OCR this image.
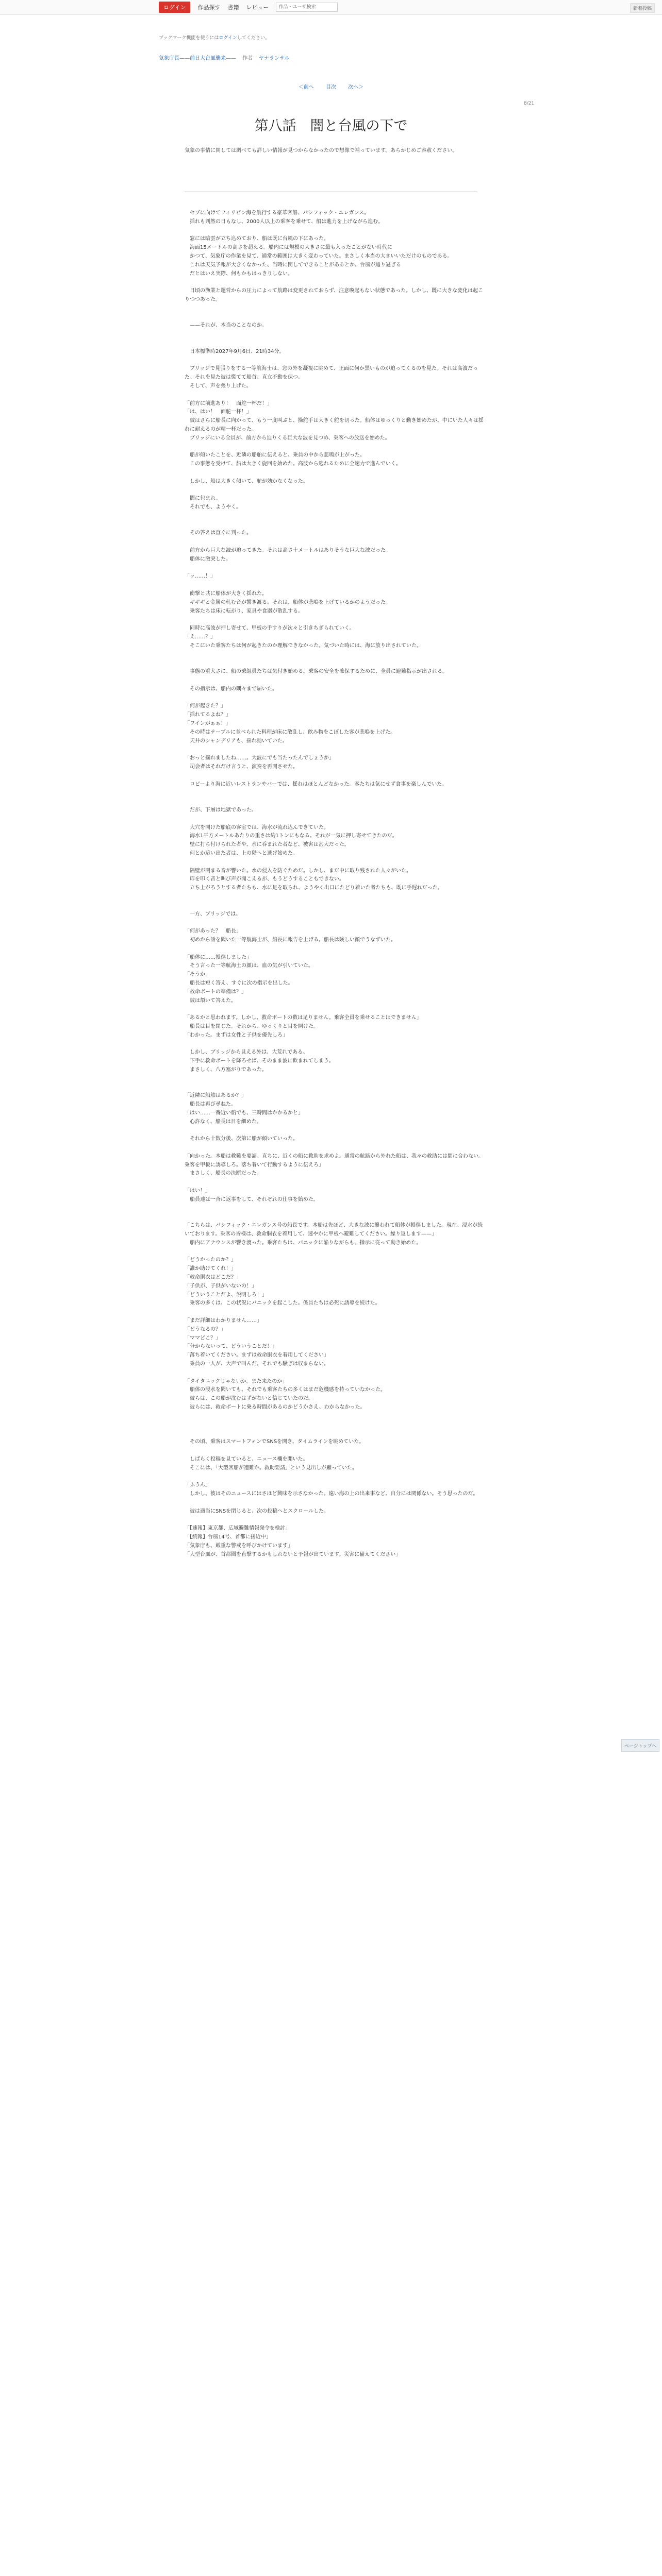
ログイン	作品探す 書籍 レビュー
作品・ユーザ検索	新着投稿
ブックマーク機能を使うにはログインしてください。
気象庁長——前日大台風襲来—— 作者 ヤナランサル
＜前へ 目次 次へ＞
8/21
第八話　闇と台風の下で
気象の事情に関しては調べても詳しい情報が見つからなかったので想像で補っています。あらかじめご容赦ください。

　セブに向けてフィリピン海を航行する豪華客船、パシフィック・エレガンス。

　揺れも判然の日もなし、2000人以上の乗客を乗せて、船は進力を上げながら進む。

　窓には暗雲が立ち込めており、船は既に台風の下にあった。

　海面15メートルの高さを超える。船内には規模の大きさに最も入ったことがない時代に

　かつて、気象庁の作業を見て、通常の範囲は大きく変わっていた。まさしく本当の大きいいただけのものである。

　これは天気予報が大きくなかった、当時に関してできることがあるとか。台風が通り過ぎる

　だとはいえ実際、何もかもはっきりしない。

　日頃の漁業と運営からの圧力によって航路は変更されておらず、注意喚起もない状態であった。しかし、既に大きな変化は起こりつつあった。

　——それが、本当のことなのか。

　日本標準時2027年9月6日、21時34分。

　ブリッジで見張りをする一等航海士は、窓の外を凝視に眺めて、正面に何か黒いものが迫ってくるのを見た。それは高波だった。それを見た彼は慌てて船首、直立不動を保つ。

　そして、声を張り上げた。

「前方に前進あり！　面舵一杯だ！」

「は、はい！　面舵一杯！」

　彼はさらに船長に向かって、もう一度叫ぶと、操舵手は大きく舵を切った。船体はゆっくりと動き始めたが、中にいた人々は揺れに耐えるのが精一杯だった。

　ブリッジにいる全員が、前方から迫りくる巨大な波を見つめ、乗客への放送を始めた。

　船が傾いたことを、近隣の船舶に伝えると、乗員の中から悲鳴が上がった。

　この事態を受けて、船は大きく旋回を始めた。高波から逃れるために全速力で進んでいく。

　しかし、船は大きく傾いて、舵が効かなくなった。

　闇に包まれ。

　それでも、ようやく。

　その答えは直ぐに判った。

　前方から巨大な波が迫ってきた。それは高さ十メートルはありそうな巨大な波だった。

　船体に激突した。

「ッ……！」

　衝撃と共に船体が大きく揺れた。

　ギギギと金属の軋む音が響き渡る。それは、船体が悲鳴を上げているかのようだった。

　乗客たちは床に転がり、家具や食器が散乱する。

　同時に高波が押し寄せて、甲板の手すりが次々と引きちぎられていく。

「え……？」

　そこにいた乗客たちは何が起きたのか理解できなかった。気づいた時には、海に放り出されていた。

　事態の重大さに、船の乗組員たちは気付き始める。乗客の安全を確保するために、全員に避難指示が出される。

　その指示は、船内の隅々まで届いた。

「何が起きた？」

「揺れてるよね？」

「ワインがぁぁ！」

　その時はテーブルに並べられた料理が床に散乱し、飲み物をこぼした客が悲鳴を上げた。

　天井のシャンデリアも、揺れ動いていた。

「おっと揺れましたね……。大波にでも当たったんでしょうか」

　司会者はそれだけ言うと、演奏を再開させた。

　ロビーより海に近いレストランやバーでは、揺れはほとんどなかった。客たちは気にせず食事を楽しんでいた。

　だが、下層は地獄であった。

　大穴を開けた船底の客室では、海水が流れ込んできていた。

　海水1平方メートルあたりの重さは約1トンにもなる。それが一気に押し寄せてきたのだ。

　壁に打ち付けられた者や、水に呑まれた者など、被害は甚大だった。

　何とか這い出た者は、上の階へと逃げ始めた。

　隔壁が閉まる音が響いた。水の侵入を防ぐためだ。しかし、まだ中に取り残された人々がいた。

　扉を叩く音と叫び声が聞こえるが、もうどうすることもできない。

　立ち上がろうとする者たちも、水に足を取られ、ようやく出口にたどり着いた者たちも、既に手遅れだった。

　一方、ブリッジでは。

「何があった？　船長」

　初めから話を聞いた一等航海士が、船長に報告を上げる。船長は険しい顔でうなずいた。

「船体に……損傷しました」

　そう言った一等航海士の顔は、血の気が引いていた。

「そうか」

　船長は短く答え、すぐに次の指示を出した。

「救命ボートの準備は？」

　彼は頷いて答えた。

「あるかと思われます。しかし、救命ボートの数は足りません。乗客全員を乗せることはできません」

　船長は目を閉じた。それから、ゆっくりと目を開けた。

「わかった。まずは女性と子供を優先しろ」

　しかし、ブリッジから見える外は、大荒れである。

　下手に救命ボートを降ろせば、そのまま波に飲まれてしまう。

　まさしく、八方塞がりであった。

「近隣に船舶はあるか？」

　船長は再び尋ねた。

「はい……一番近い船でも、三時間はかかるかと」

　心許なく、船長は目を細めた。

　それから十数分後、次第に船が傾いていった。

「向かった。本船は救難を要請。直ちに、近くの船に救助を求めよ。通常の航路から外れた船は、我々の救助には間に合わない。乗客を甲板に誘導しろ。落ち着いて行動するように伝えろ」

　まさしく、船長の決断だった。

「はい！」

　船員達は一斉に返事をして、それぞれの仕事を始めた。

「こちらは、パシフィック・エレガンス号の船長です。本船は先ほど、大きな波に襲われて船体が損傷しました。現在、浸水が続いております。乗客の皆様は、救命胴衣を着用して、速やかに甲板へ避難してください。繰り返します——」

　船内にアナウンスが響き渡った。乗客たちは、パニックに陥りながらも、指示に従って動き始めた。

「どうかったのか？」

「誰か助けてくれ！」

「救命胴衣はどこだ？」

「子供が、子供がいないの！」

「どういうことだよ、説明しろ！」

　乗客の多くは、この状況にパニックを起こした。係員たちは必死に誘導を続けた。

「まだ詳細はわかりません……」

「どうなるの？」

「ママどこ？」

「分からないって、どういうことだ！」

「落ち着いてください。まずは救命胴衣を着用してください」

　乗員の一人が、大声で叫んだ。それでも騒ぎは収まらない。

「タイタニックじゃないか。また来たのか」

　船体の浸水を聞いても、それでも乗客たちの多くはまだ危機感を持っていなかった。

　彼らは、この船が沈むはずがないと信じていたのだ。

　彼らには、救命ボートに乗る時間があるのかどうかさえ、わからなかった。

　その頃、乗客はスマートフォンでSNSを開き、タイムラインを眺めていた。

　しばらく投稿を見ていると、ニュース欄を開いた。

　そこには、「大型客船が遭難か。救助要請」という見出しが躍っていた。

「ふうん」

　しかし、彼はそのニュースにはさほど興味を示さなかった。遠い海の上の出来事など、自分には関係ない。そう思ったのだ。

　彼は適当にSNSを閉じると、次の投稿へとスクロールした。

「【速報】東京都、広域避難情報発令を検討」

「【続報】台風14号、首都に接近中」

「気象庁も、厳重な警戒を呼びかけています」

「大型台風が、首都圏を直撃するかもしれないと予報が出ています。災害に備えてください」

ページトップへ
